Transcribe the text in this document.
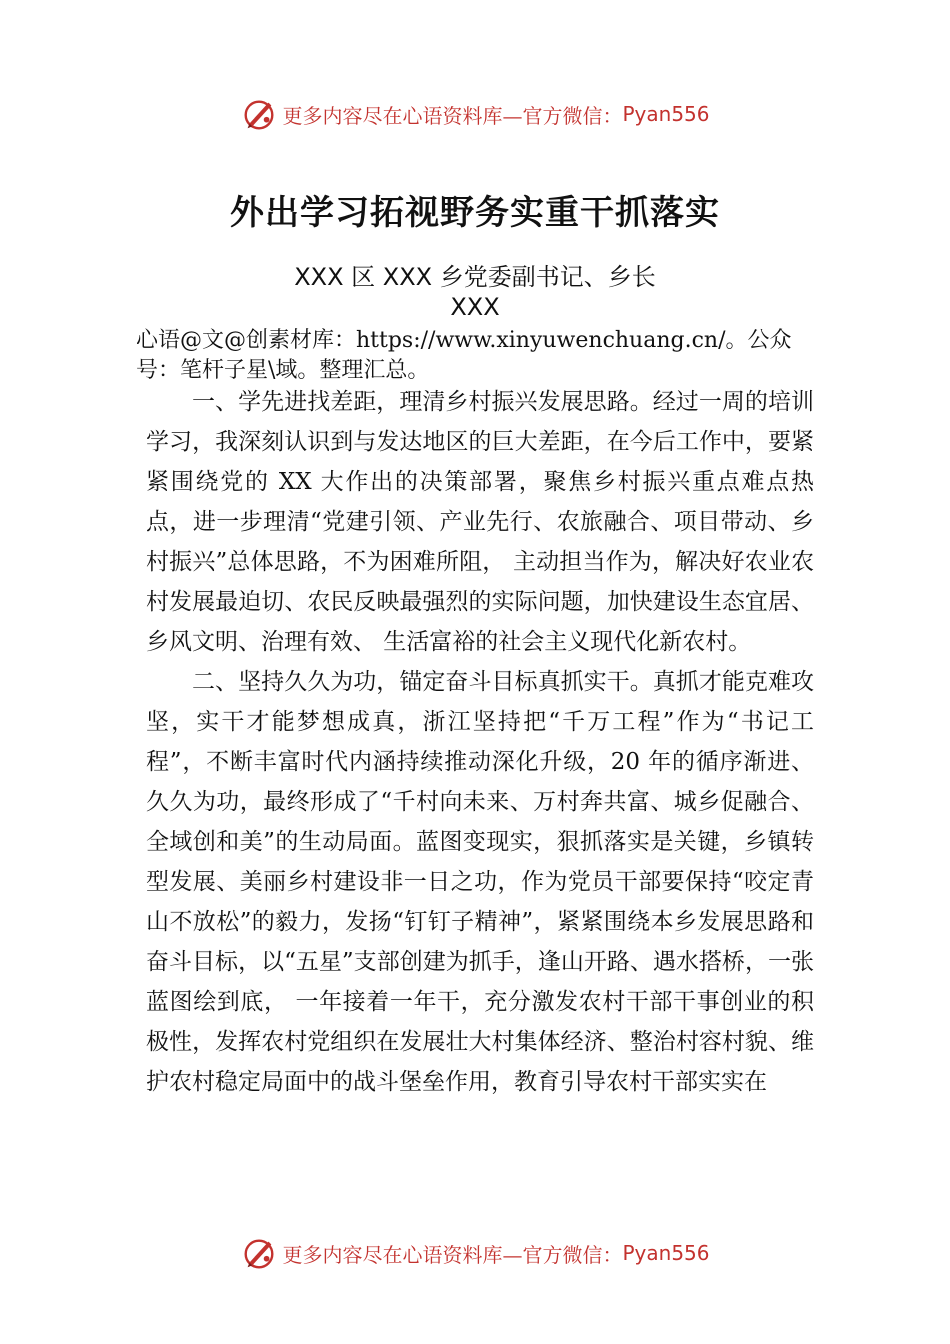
更多内容尽在心语资料库—官方微信： Pyan556
外出学习拓视野务实重干抓落实
XXX 区 XXX 乡党委副书记、乡长
XXX
心语@文@创素材库：https://www.xinyuwenchuang.cn/。公众号：笔杆子星\域。整理汇总。

一、学先进找差距，理清乡村振兴发展思路。经过一周的培训学习，我深刻认识到与发达地区的巨大差距，在今后工作中，要紧紧围绕党的 XX 大作出的决策部署，聚焦乡村振兴重点难点热点，进一步理清“党建引领、产业先行、农旅融合、项目带动、乡村振兴”总体思路，不为困难所阻， 主动担当作为，解决好农业农村发展最迫切、农民反映最强烈的实际问题，加快建设生态宜居、乡风文明、治理有效、 生活富裕的社会主义现代化新农村。

二、坚持久久为功，锚定奋斗目标真抓实干。真抓才能克难攻坚，实干才能梦想成真，浙江坚持把“千万工程”作为“书记工程”，不断丰富时代内涵持续推动深化升级，20 年的循序渐进、久久为功，最终形成了“千村向未来、万村奔共富、城乡促融合、全域创和美”的生动局面。蓝图变现实，狠抓落实是关键，乡镇转型发展、美丽乡村建设非一日之功，作为党员干部要保持“咬定青山不放松”的毅力，发扬“钉钉子精神”，紧紧围绕本乡发展思路和奋斗目标，以“五星”支部创建为抓手，逢山开路、遇水搭桥，一张蓝图绘到底， 一年接着一年干，充分激发农村干部干事创业的积极性，发挥农村党组织在发展壮大村集体经济、整治村容村貌、维护农村稳定局面中的战斗堡垒作用，教育引导农村干部实实在

更多内容尽在心语资料库—官方微信： Pyan556
